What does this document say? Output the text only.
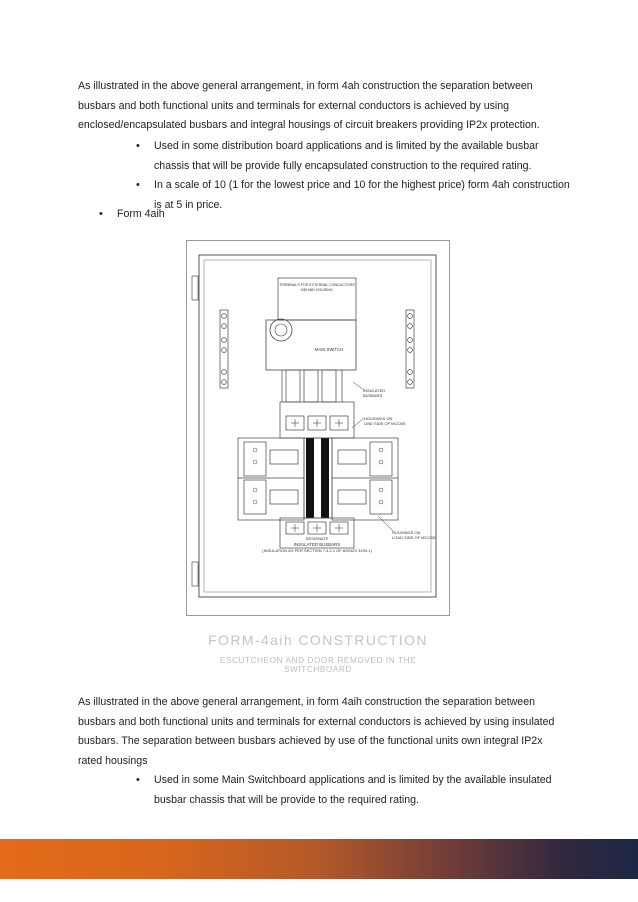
As illustrated in the above general arrangement, in form 4ah construction the separation between busbars and both functional units and terminals for external conductors is achieved by using enclosed/encapsulated busbars and integral housings of circuit breakers providing IP2x protection.

• Used in some distribution board applications and is limited by the available busbar chassis that will be provide fully encapsulated construction to the required rating.
• In a scale of 10 (1 for the lowest price and 10 for the highest price) form 4ah construction is at 5 in price.
• Form 4aih
TERMINALS FOR EXTERNAL CONDUCTORS
BEHIND HOUSING
MAIN SWITCH
INSULATED
BUSBARS
HOUSINGS ON
LINE SIDE OF MCCBS
HOUSINGS ON
LOAD SIDE OF MCCBS
DESIGNATE
INSULATED BUSBARS
(INSULATION AS PER SECTION 7.4.2.1 OF AS/NZS 3439.1)
FORM-4aih CONSTRUCTION
ESCUTCHEON AND DOOR REMOVED IN THE SWITCHBOARD

As illustrated in the above general arrangement, in form 4aih construction the separation between busbars and both functional units and terminals for external conductors is achieved by using insulated busbars. The separation between busbars achieved by use of the functional units own integral IP2x rated housings

• Used in some Main Switchboard applications and is limited by the available insulated busbar chassis that will be provide to the required rating.
